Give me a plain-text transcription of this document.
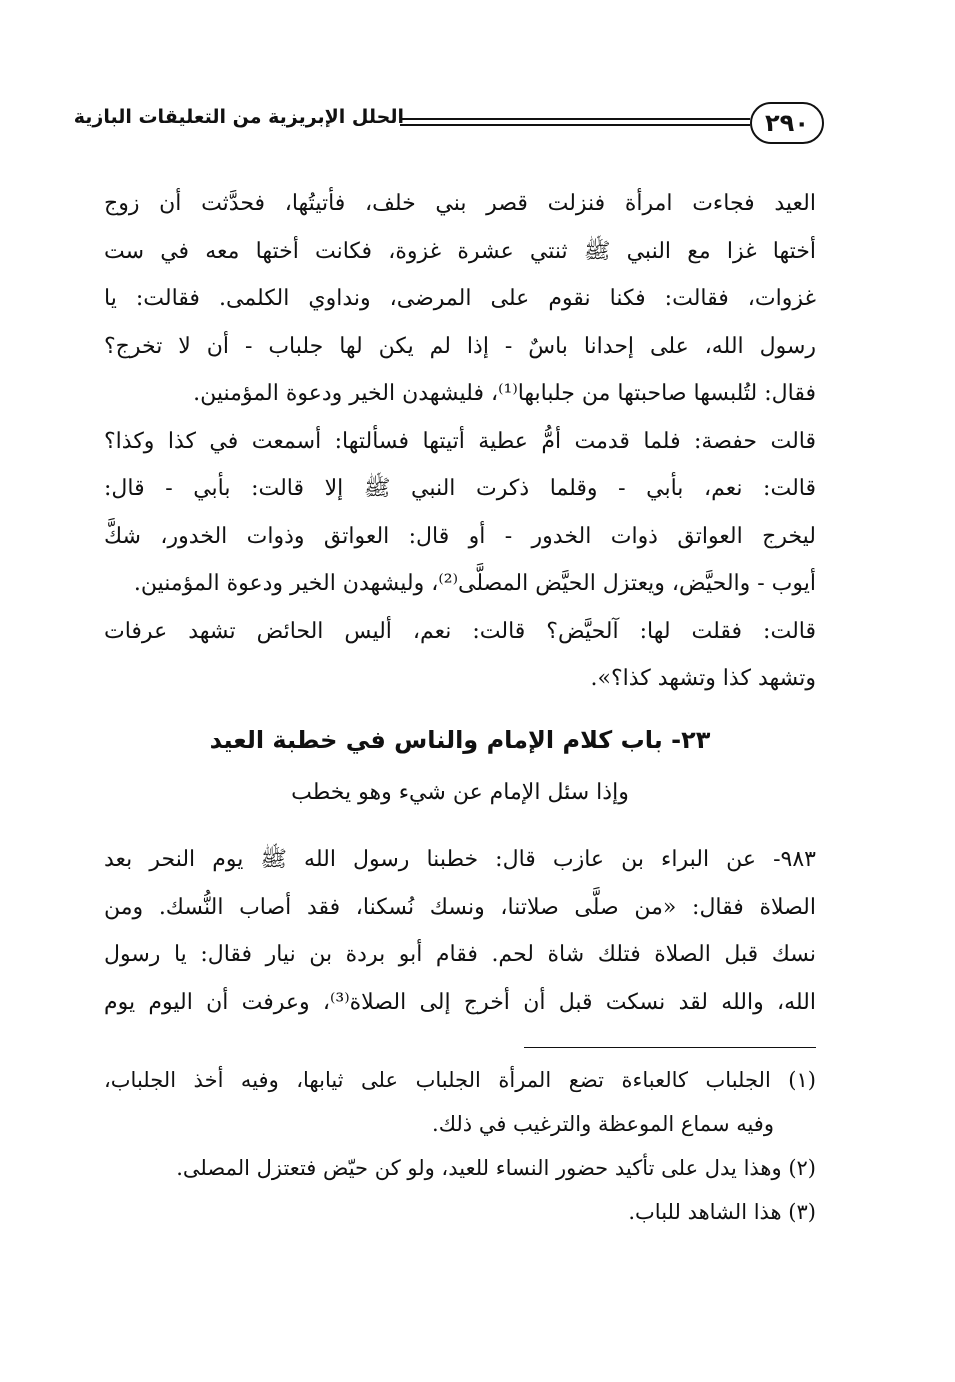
٢٩٠
الحلل الإبريزية من التعليقات البازية
العيد فجاءت امرأة فنزلت قصر بني خلف، فأتيتُها، فحدَّثت أن زوج
أختها غزا مع النبي ﷺ ثنتي عشرة غزوة، فكانت أختها معه في ست
غزوات، فقالت: فكنا نقوم على المرضى، ونداوي الكلمى. فقالت: يا
رسول الله، على إحدانا باسٌ - إذا لم يكن لها جلباب - أن لا تخرج؟
فقال: لتُلبسها صاحبتها من جلبابها⁽¹⁾، فليشهدن الخير ودعوة المؤمنين.
قالت حفصة: فلما قدمت أمُّ عطية أتيتها فسألتها: أسمعت في كذا وكذا؟
قالت: نعم، بأبي - وقلما ذكرت النبي ﷺ إلا قالت: بأبي - قال:
ليخرج العواتق ذوات الخدور - أو قال: العواتق وذوات الخدور، شكَّ
أيوب - والحيَّض، ويعتزل الحيَّض المصلَّى⁽²⁾، وليشهدن الخير ودعوة المؤمنين.
قالت: فقلت لها: آلحيَّض؟ قالت: نعم، أليس الحائض تشهد عرفات
وتشهد كذا وتشهد كذا؟».
٢٣- باب كلام الإمام والناس في خطبة العيد
وإذا سئل الإمام عن شيء وهو يخطب
٩٨٣- عن البراء بن عازب قال: خطبنا رسول الله ﷺ يوم النحر بعد
الصلاة فقال: «من صلَّى صلاتنا، ونسك نُسكنا، فقد أصاب النُّسك. ومن
نسك قبل الصلاة فتلك شاة لحم. فقام أبو بردة بن نيار فقال: يا رسول
الله، والله لقد نسكت قبل أن أخرج إلى الصلاة⁽³⁾، وعرفت أن اليوم يوم
(١) الجلباب كالعباءة تضع المرأة الجلباب على ثيابها، وفيه أخذ الجلباب،
وفيه سماع الموعظة والترغيب في ذلك.
(٢) وهذا يدل على تأكيد حضور النساء للعيد، ولو كن حيّض فتعتزل المصلى.
(٣) هذا الشاهد للباب.
